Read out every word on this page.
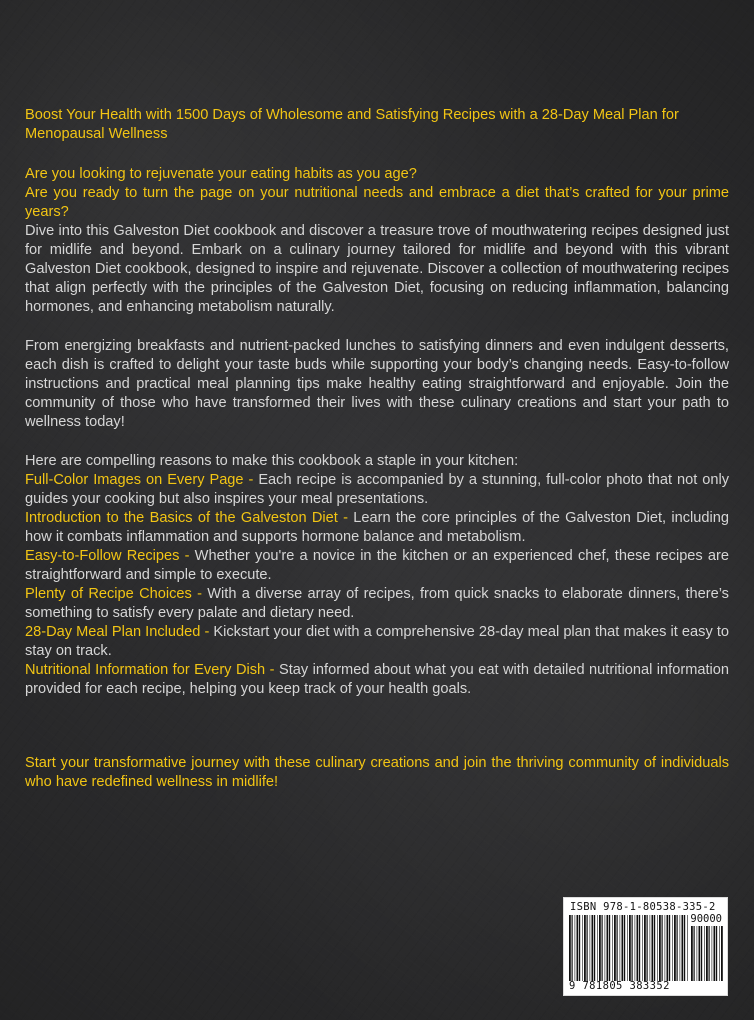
Boost Your Health with 1500 Days of Wholesome and Satisfying Recipes with a 28-Day Meal Plan for Menopausal Wellness

Are you looking to rejuvenate your eating habits as you age?

Are you ready to turn the page on your nutritional needs and embrace a diet that’s crafted for your prime years?

Dive into this Galveston Diet cookbook and discover a treasure trove of mouthwatering recipes designed just for midlife and beyond. Embark on a culinary journey tailored for midlife and beyond with this vibrant Galveston Diet cookbook, designed to inspire and rejuvenate. Discover a collection of mouthwatering recipes that align perfectly with the principles of the Galveston Diet, focusing on reducing inflammation, balancing hormones, and enhancing metabolism naturally.

From energizing breakfasts and nutrient-packed lunches to satisfying dinners and even indulgent desserts, each dish is crafted to delight your taste buds while supporting your body’s changing needs. Easy-to-follow instructions and practical meal planning tips make healthy eating straightforward and enjoyable. Join the community of those who have transformed their lives with these culinary creations and start your path to wellness today!

Here are compelling reasons to make this cookbook a staple in your kitchen:

Full-Color Images on Every Page - Each recipe is accompanied by a stunning, full-color photo that not only guides your cooking but also inspires your meal presentations.

Introduction to the Basics of the Galveston Diet - Learn the core principles of the Galveston Diet, including how it combats inflammation and supports hormone balance and metabolism.

Easy-to-Follow Recipes - Whether you're a novice in the kitchen or an experienced chef, these recipes are straightforward and simple to execute.

Plenty of Recipe Choices - With a diverse array of recipes, from quick snacks to elaborate dinners, there’s something to satisfy every palate and dietary need.

28-Day Meal Plan Included - Kickstart your diet with a comprehensive 28-day meal plan that makes it easy to stay on track.

Nutritional Information for Every Dish - Stay informed about what you eat with detailed nutritional information provided for each recipe, helping you keep track of your health goals.

Start your transformative journey with these culinary creations and join the thriving community of individuals who have redefined wellness in midlife!

ISBN 978-1-80538-335-2
90000
9 781805 383352
